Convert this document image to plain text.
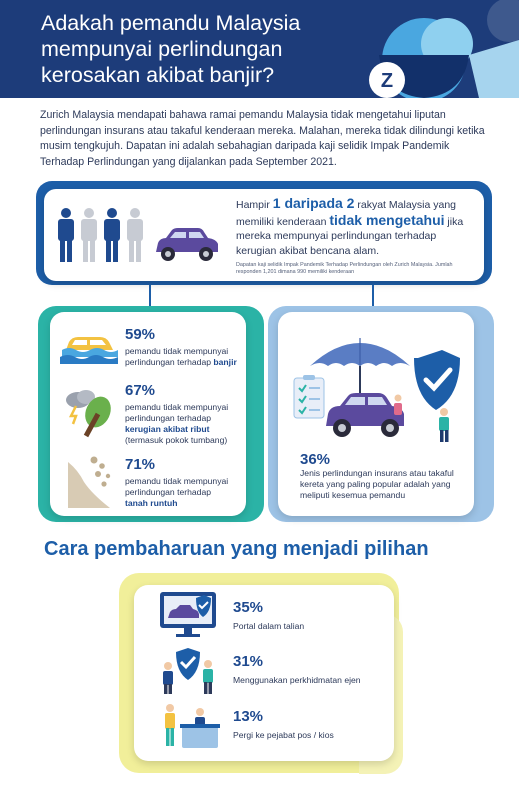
Adakah pemandu Malaysia mempunyai perlindungan kerosakan akibat banjir?	Z

Zurich Malaysia mendapati bahawa ramai pemandu Malaysia tidak mengetahui liputan perlindungan insurans atau takaful kenderaan mereka. Malahan, mereka tidak dilindungi ketika musim tengkujuh. Dapatan ini adalah sebahagian daripada kaji selidik Impak Pandemik Terhadap Perlindungan yang dijalankan pada September 2021.

Hampir 1 daripada 2 rakyat Malaysia yang memiliki kenderaan tidak mengetahui jika mereka mempunyai perlindungan terhadap kerugian akibat bencana alam.

Dapatan kaji selidik Impak Pandemik Terhadap Perlindungan oleh Zurich Malaysia. Jumlah responden 1,201 dimana 990 memiliki kenderaan

59%
pemandu tidak mempunyai perlindungan terhadap banjir
67%
pemandu tidak mempunyai perlindungan terhadap
kerugian akibat ribut
(termasuk pokok tumbang)
71%
pemandu tidak mempunyai perlindungan terhadap
tanah runtuh
36%
Jenis perlindungan insurans atau takaful kereta yang paling popular adalah yang meliputi kesemua pemandu
Cara pembaharuan yang menjadi pilihan
35%
Portal dalam talian
31%
Menggunakan perkhidmatan ejen
13%
Pergi ke pejabat pos / kios
